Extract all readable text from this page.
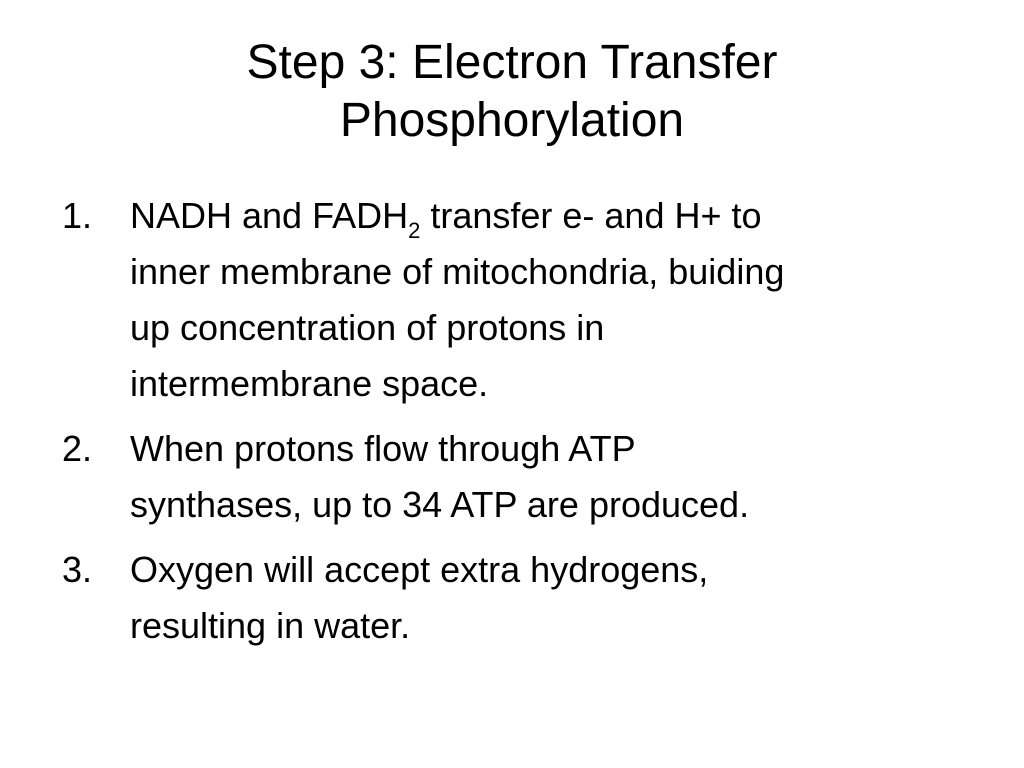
Step 3: Electron Transfer
Phosphorylation
1. NADH and $FADH_2$ transfer e- and H+ to
inner membrane of mitochondria, buiding
up concentration of protons in
intermembrane space.
2. When protons flow through ATP
synthases, up to 34 ATP are produced.
3. Oxygen will accept extra hydrogens,
resulting in water.
